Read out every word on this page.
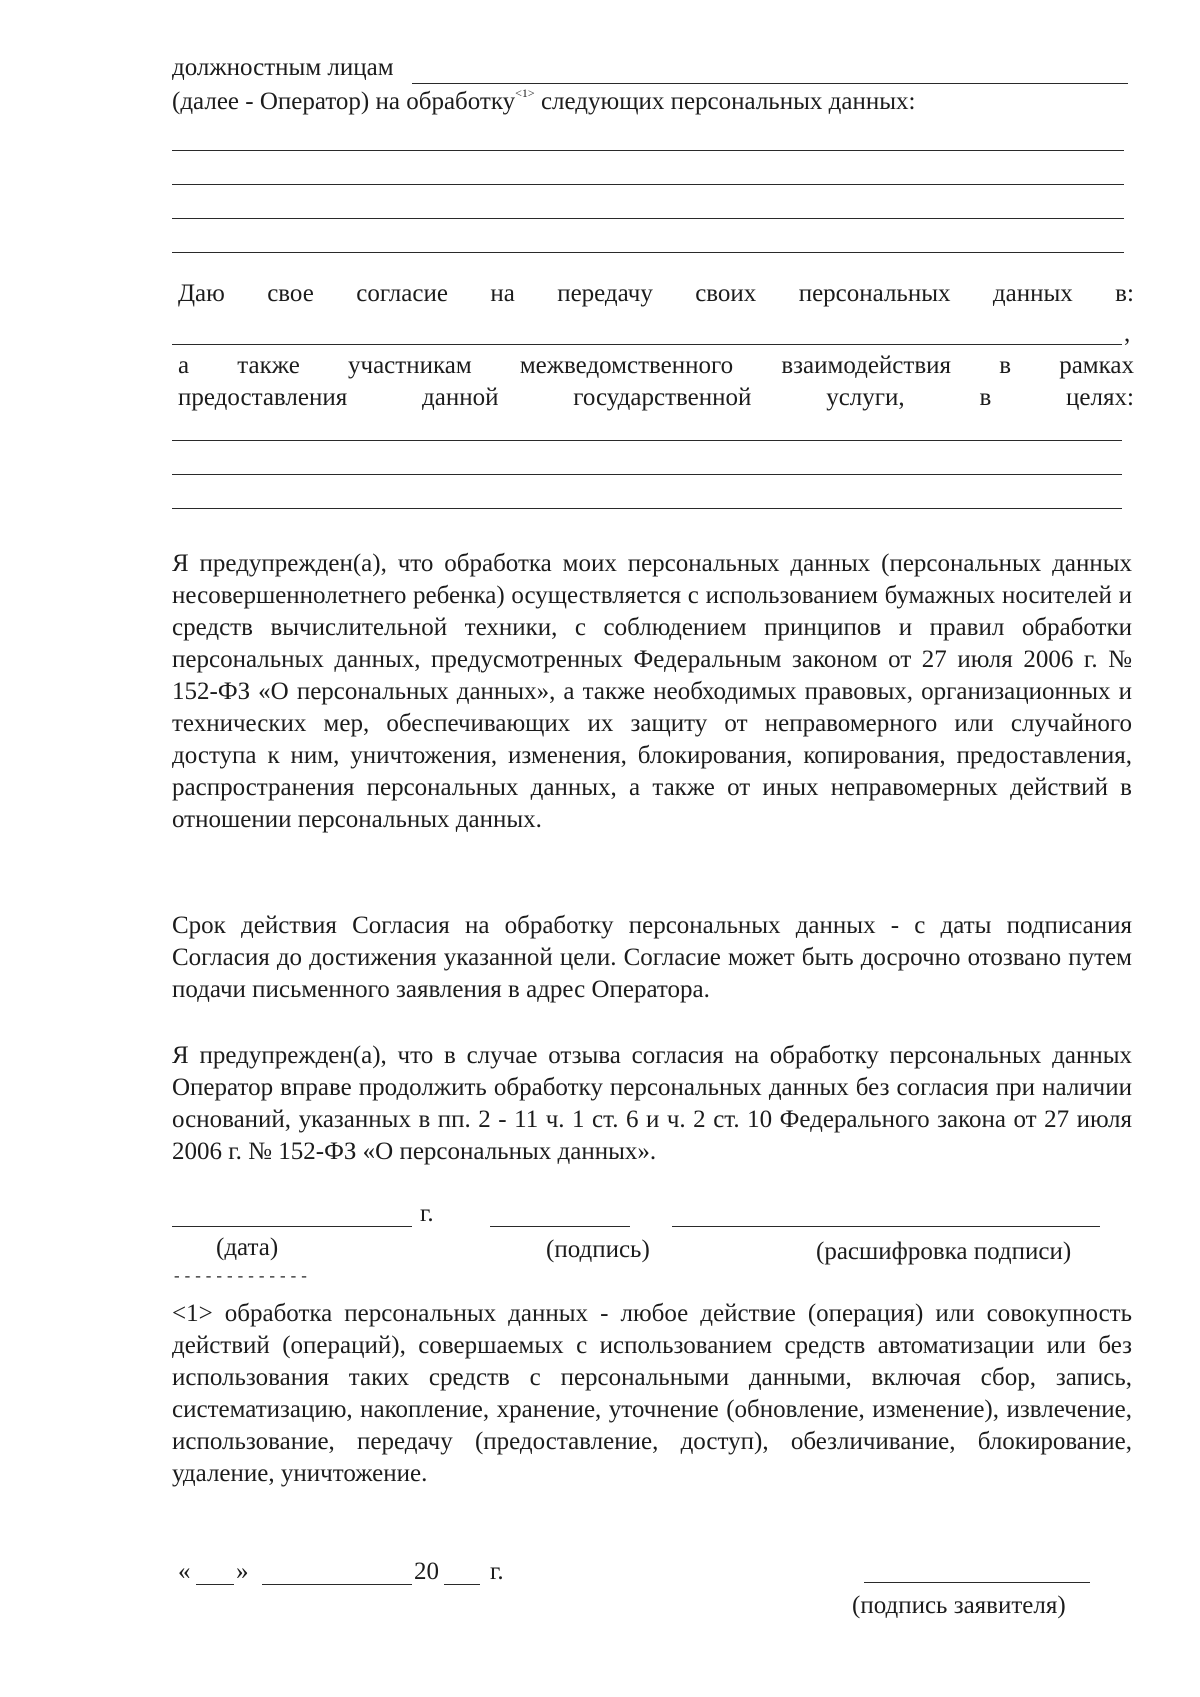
должностным лицам
(далее - Оператор) на обработку$^{<1>}$ следующих персональных данных:
Даю свое согласие на передачу своих персональных данных в:
,
а также участникам межведомственного взаимодействия в рамках
предоставления	данной	государственной	услуги,	в	целях:
Я предупрежден(а), что обработка моих персональных данных (персональных данных несовершеннолетнего ребенка) осуществляется с использованием бумажных носителей и средств вычислительной техники, с соблюдением принципов и правил обработки персональных данных, предусмотренных Федеральным законом от 27 июля 2006 г. № 152-ФЗ «О персональных данных», а также необходимых правовых, организационных и технических мер, обеспечивающих их защиту от неправомерного или случайного доступа к ним, уничтожения, изменения, блокирования, копирования, предоставления, распространения персональных данных, а также от иных неправомерных действий в отношении персональных данных.
Срок действия Согласия на обработку персональных данных - с даты подписания Согласия до достижения указанной цели. Согласие может быть досрочно отозвано путем подачи письменного заявления в адрес Оператора.
Я предупрежден(а), что в случае отзыва согласия на обработку персональных данных Оператор вправе продолжить обработку персональных данных без согласия при наличии оснований, указанных в пп. 2 - 11 ч. 1 ст. 6 и ч. 2 ст. 10 Федерального закона от 27 июля 2006 г. № 152-ФЗ «О персональных данных».
г.
(дата)	(подпись)	(расшифровка подписи)
-------------
<1> обработка персональных данных - любое действие (операция) или совокупность действий (операций), совершаемых с использованием средств автоматизации или без использования таких средств с персональными данными, включая сбор, запись, систематизацию, накопление, хранение, уточнение (обновление, изменение), извлечение, использование, передачу (предоставление, доступ), обезличивание, блокирование, удаление, уничтожение.
« »	20 г.
(подпись заявителя)
